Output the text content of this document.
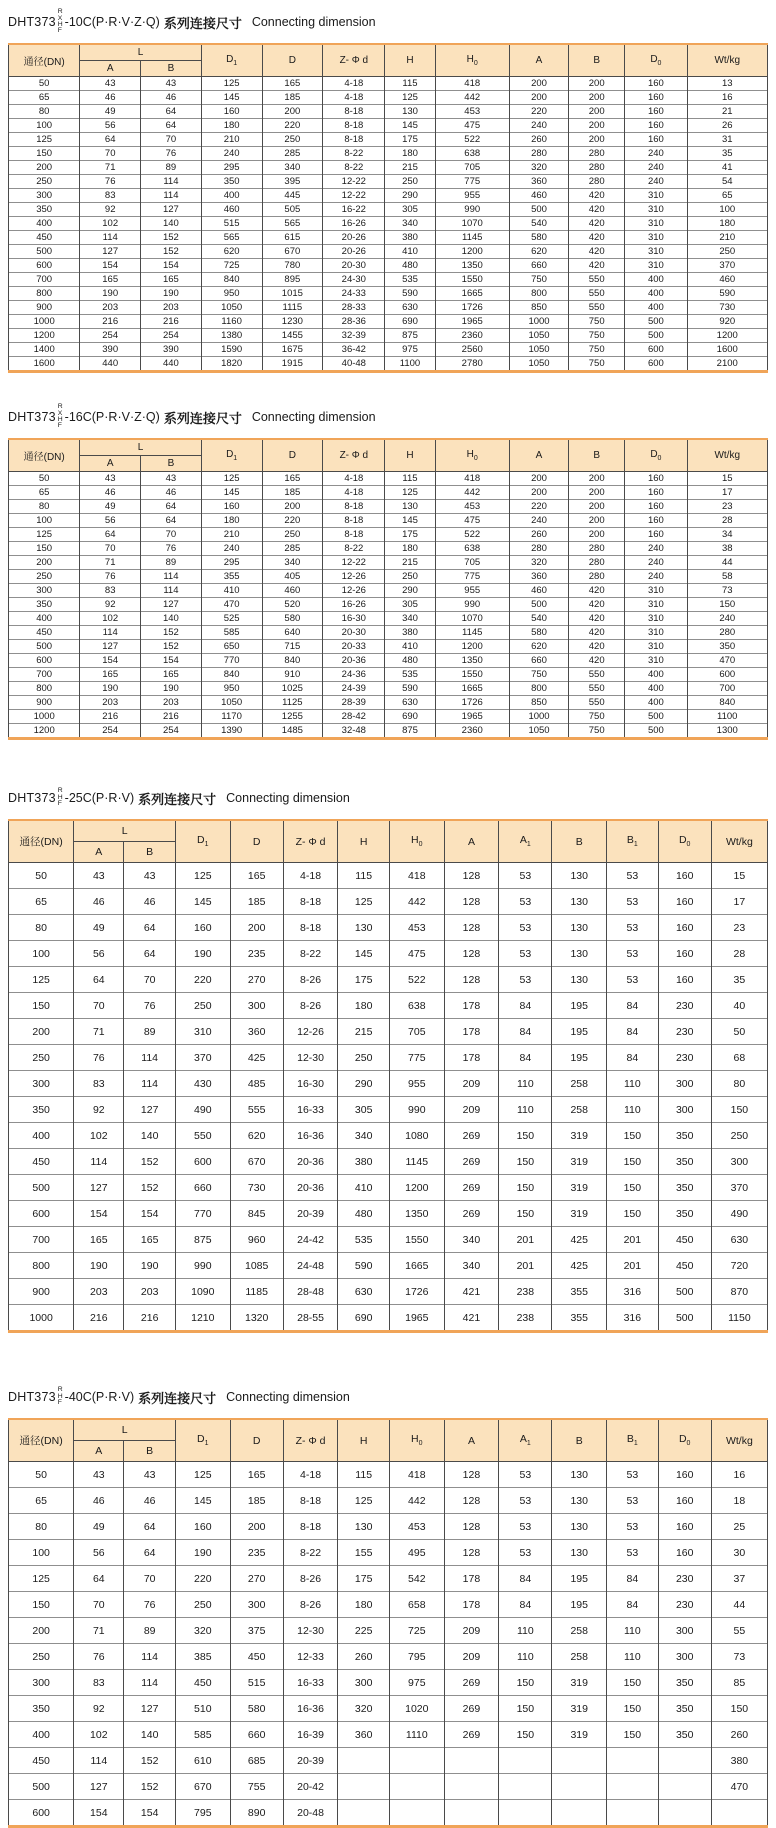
DHT373
R
X
H
F
-10C(P·R·V·Z·Q) 系列连接尺寸 Connecting dimension
通径(DN)	L		$D_1$	D	Z- Φ d	H	$H_0$	A	B	$D_0$	Wt/kg
	A	B									
50	43	43	125	165	4-18	115	418	200	200	160	13
65	46	46	145	185	4-18	125	442	200	200	160	16
80	49	64	160	200	8-18	130	453	220	200	160	21
100	56	64	180	220	8-18	145	475	240	200	160	26
125	64	70	210	250	8-18	175	522	260	200	160	31
150	70	76	240	285	8-22	180	638	280	280	240	35
200	71	89	295	340	8-22	215	705	320	280	240	41
250	76	114	350	395	12-22	250	775	360	280	240	54
300	83	114	400	445	12-22	290	955	460	420	310	65
350	92	127	460	505	16-22	305	990	500	420	310	100
400	102	140	515	565	16-26	340	1070	540	420	310	180
450	114	152	565	615	20-26	380	1145	580	420	310	210
500	127	152	620	670	20-26	410	1200	620	420	310	250
600	154	154	725	780	20-30	480	1350	660	420	310	370
700	165	165	840	895	24-30	535	1550	750	550	400	460
800	190	190	950	1015	24-33	590	1665	800	550	400	590
900	203	203	1050	1115	28-33	630	1726	850	550	400	730
1000	216	216	1160	1230	28-36	690	1965	1000	750	500	920
1200	254	254	1380	1455	32-39	875	2360	1050	750	500	1200
1400	390	390	1590	1675	36-42	975	2560	1050	750	600	1600
1600	440	440	1820	1915	40-48	1100	2780	1050	750	600	2100
DHT373
R
X
H
F
-16C(P·R·V·Z·Q) 系列连接尺寸 Connecting dimension
通径(DN)	L		$D_1$	D	Z- Φ d	H	$H_0$	A	B	$D_0$	Wt/kg
	A	B									
50	43	43	125	165	4-18	115	418	200	200	160	15
65	46	46	145	185	4-18	125	442	200	200	160	17
80	49	64	160	200	8-18	130	453	220	200	160	23
100	56	64	180	220	8-18	145	475	240	200	160	28
125	64	70	210	250	8-18	175	522	260	200	160	34
150	70	76	240	285	8-22	180	638	280	280	240	38
200	71	89	295	340	12-22	215	705	320	280	240	44
250	76	114	355	405	12-26	250	775	360	280	240	58
300	83	114	410	460	12-26	290	955	460	420	310	73
350	92	127	470	520	16-26	305	990	500	420	310	150
400	102	140	525	580	16-30	340	1070	540	420	310	240
450	114	152	585	640	20-30	380	1145	580	420	310	280
500	127	152	650	715	20-33	410	1200	620	420	310	350
600	154	154	770	840	20-36	480	1350	660	420	310	470
700	165	165	840	910	24-36	535	1550	750	550	400	600
800	190	190	950	1025	24-39	590	1665	800	550	400	700
900	203	203	1050	1125	28-39	630	1726	850	550	400	840
1000	216	216	1170	1255	28-42	690	1965	1000	750	500	1100
1200	254	254	1390	1485	32-48	875	2360	1050	750	500	1300
DHT373
R
H
F -25C(P·R·V) 系列连接尺寸 Connecting dimension
通径(DN)	L		$D_1$	D	Z- Φ d	H	$H_0$	A	$A_1$	B	$B_1$	$D_0$	Wt/kg
	A	B											
50	43	43	125	165	4-18	115	418	128	53	130	53	160	15
65	46	46	145	185	8-18	125	442	128	53	130	53	160	17
80	49	64	160	200	8-18	130	453	128	53	130	53	160	23
100	56	64	190	235	8-22	145	475	128	53	130	53	160	28
125	64	70	220	270	8-26	175	522	128	53	130	53	160	35
150	70	76	250	300	8-26	180	638	178	84	195	84	230	40
200	71	89	310	360	12-26	215	705	178	84	195	84	230	50
250	76	114	370	425	12-30	250	775	178	84	195	84	230	68
300	83	114	430	485	16-30	290	955	209	110	258	110	300	80
350	92	127	490	555	16-33	305	990	209	110	258	110	300	150
400	102	140	550	620	16-36	340	1080	269	150	319	150	350	250
450	114	152	600	670	20-36	380	1145	269	150	319	150	350	300
500	127	152	660	730	20-36	410	1200	269	150	319	150	350	370
600	154	154	770	845	20-39	480	1350	269	150	319	150	350	490
700	165	165	875	960	24-42	535	1550	340	201	425	201	450	630
800	190	190	990	1085	24-48	590	1665	340	201	425	201	450	720
900	203	203	1090	1185	28-48	630	1726	421	238	355	316	500	870
1000	216	216	1210	1320	28-55	690	1965	421	238	355	316	500	1150
DHT373
R
H
F -40C(P·R·V) 系列连接尺寸 Connecting dimension
通径(DN)	L		$D_1$	D	Z- Φ d	H	$H_0$	A	$A_1$	B	$B_1$	$D_0$	Wt/kg
	A	B											
50	43	43	125	165	4-18	115	418	128	53	130	53	160	16
65	46	46	145	185	8-18	125	442	128	53	130	53	160	18
80	49	64	160	200	8-18	130	453	128	53	130	53	160	25
100	56	64	190	235	8-22	155	495	128	53	130	53	160	30
125	64	70	220	270	8-26	175	542	178	84	195	84	230	37
150	70	76	250	300	8-26	180	658	178	84	195	84	230	44
200	71	89	320	375	12-30	225	725	209	110	258	110	300	55
250	76	114	385	450	12-33	260	795	209	110	258	110	300	73
300	83	114	450	515	16-33	300	975	269	150	319	150	350	85
350	92	127	510	580	16-36	320	1020	269	150	319	150	350	150
400	102	140	585	660	16-39	360	1110	269	150	319	150	350	260
450	114	152	610	685	20-39								380
500	127	152	670	755	20-42								470
600	154	154	795	890	20-48								
